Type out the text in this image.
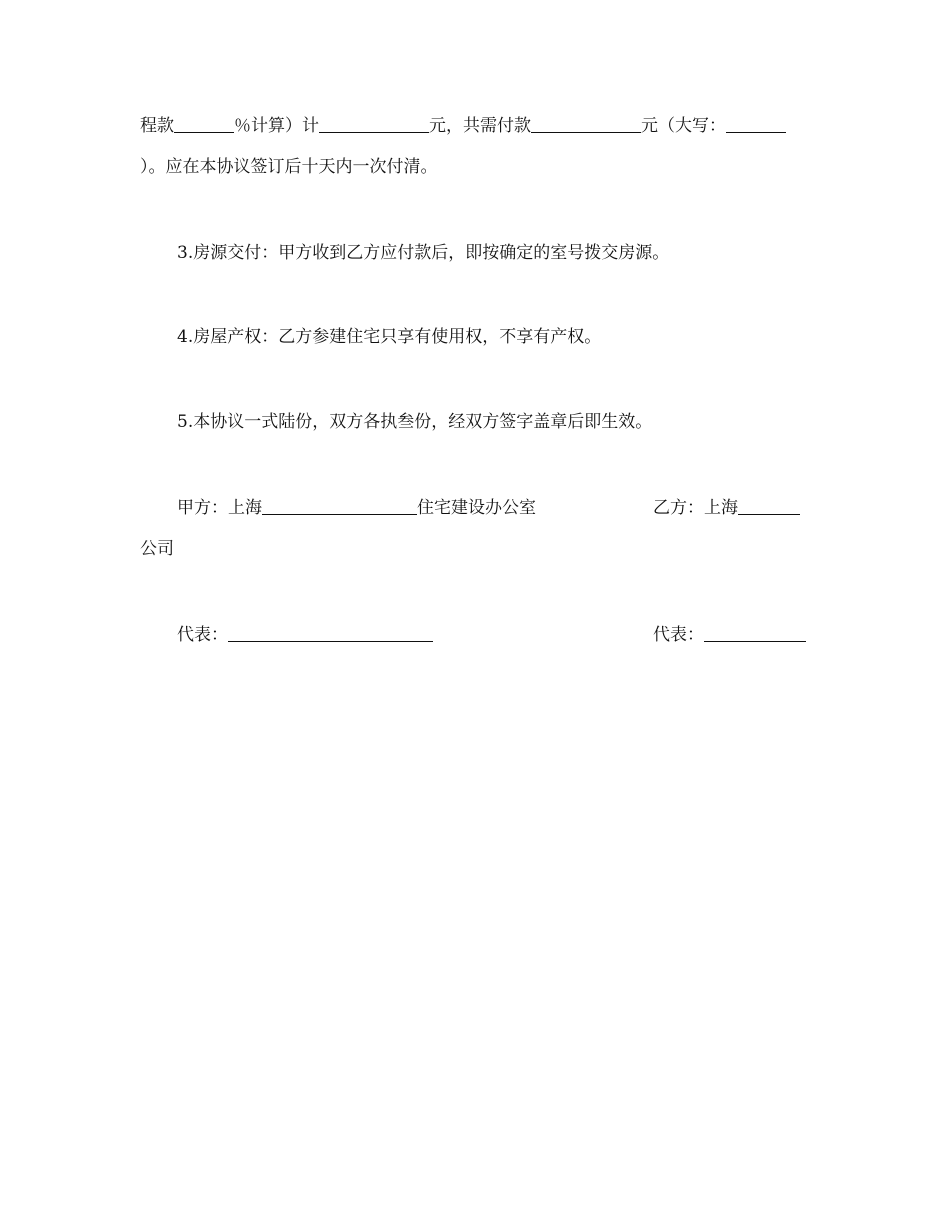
程款	％计算）计	元，共需付款	元（大写：
）。应在本协议签订后十天内一次付清。
3.房源交付：甲方收到乙方应付款后，即按确定的室号拨交房源。
4.房屋产权：乙方参建住宅只享有使用权，不享有产权。
5.本协议一式陆份，双方各执叁份，经双方签字盖章后即生效。
甲方：上海	住宅建设办公室	乙方：上海
公司
代表：	代表：
